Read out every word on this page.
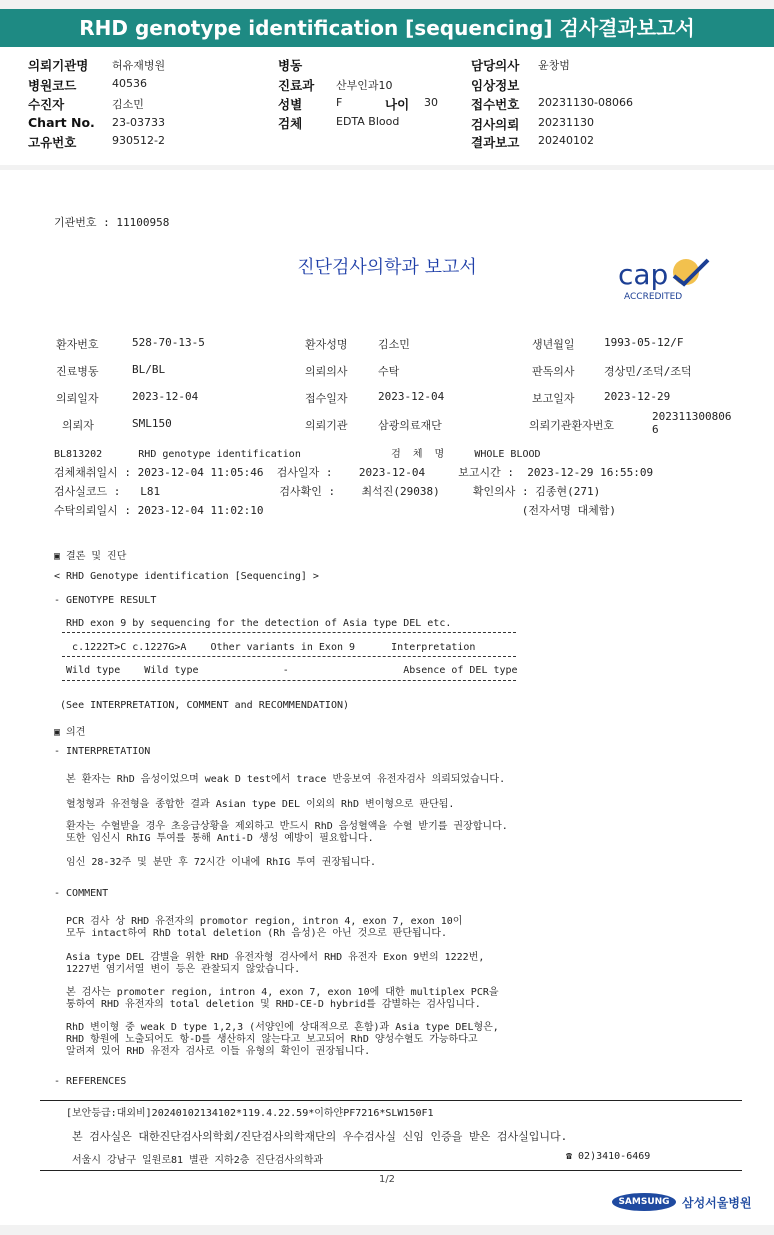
RHD genotype identification [sequencing] 검사결과보고서
의뢰기관명 허유재병원
병원코드	40536
수진자	김소민
Chart No. 23-03733
고유번호	930512-2
병동
진료과 산부인과10
성별	F	나이 30
검체	EDTA Blood
담당의사 윤창범
임상정보
접수번호 20231130-08066
검사의뢰 20231130
결과보고 20240102
기관번호 : 11100958
진단검사의학과 보고서	cap
ACCREDITED
환자번호	528-70-13-5	환자성명	김소민	생년월일	1993-05-12/F
진료병동	BL/BL	의뢰의사	수탁	판독의사	경상민/조덕/조덕
의뢰일자	2023-12-04	접수일자	2023-12-04	보고일자	2023-12-29
의뢰자	SML150	의뢰기관	삼광의료재단	의뢰기관환자번호
2023113008066
BL813202      RHD genotype identification               검  체  명     WHOLE BLOOD
검체채취일시 : 2023-12-04 11:05:46  검사일자 :    2023-12-04     보고시간 :  2023-12-29 16:55:09
검사실코드 :   L81                  검사확인 :    최석진(29038)     확인의사 : 김종현(271)
수탁의뢰일시 : 2023-12-04 11:02:10                                       (전자서명 대체함)
▣ 결론 및 진단
< RHD Genotype identification [Sequencing] >
- GENOTYPE RESULT
RHD exon 9 by sequencing for the detection of Asia type DEL etc.
c.1222T>C c.1227G>A    Other variants in Exon 9      Interpretation
Wild type    Wild type              -                   Absence of DEL type
(See INTERPRETATION, COMMENT and RECOMMENDATION)
▣ 의견
- INTERPRETATION
본 환자는 RhD 음성이었으며 weak D test에서 trace 반응보여 유전자검사 의뢰되었습니다.
혈청형과 유전형을 종합한 결과 Asian type DEL 이외의 RhD 변이형으로 판단됨.
환자는 수혈받을 경우 초응급상황을 제외하고 반드시 RhD 음성혈액을 수혈 받기를 권장합니다.
또한 임신시 RhIG 투여를 통해 Anti-D 생성 예방이 필요합니다.
임신 28-32주 및 분만 후 72시간 이내에 RhIG 투여 권장됩니다.
- COMMENT
PCR 검사 상 RHD 유전자의 promotor region, intron 4, exon 7, exon 10이
모두 intact하여 RhD total deletion (Rh 음성)은 아닌 것으로 판단됩니다.
Asia type DEL 감별을 위한 RHD 유전자형 검사에서 RHD 유전자 Exon 9번의 1222번,
1227번 염기서열 변이 등은 관찰되지 않았습니다.
본 검사는 promoter region, intron 4, exon 7, exon 10에 대한 multiplex PCR을
통하여 RHD 유전자의 total deletion 및 RHD-CE-D hybrid를 감별하는 검사입니다.
RhD 변이형 중 weak D type 1,2,3 (서양인에 상대적으로 흔함)과 Asia type DEL형은,
RHD 항원에 노출되어도 항-D를 생산하지 않는다고 보고되어 RhD 양성수혈도 가능하다고
알려져 있어 RHD 유전자 검사로 이들 유형의 확인이 권장됩니다.
- REFERENCES
[보안등급:대외비]20240102134102*119.4.22.59*이하얀PF7216*SLW150F1
본 검사실은 대한진단검사의학회/진단검사의학재단의 우수검사실 신임 인증을 받은 검사실입니다.
서울시 강남구 일원로81 별관 지하2층 진단검사의학과	☎ 02)3410-6469
1/2
SAMSUNG	삼성서울병원
